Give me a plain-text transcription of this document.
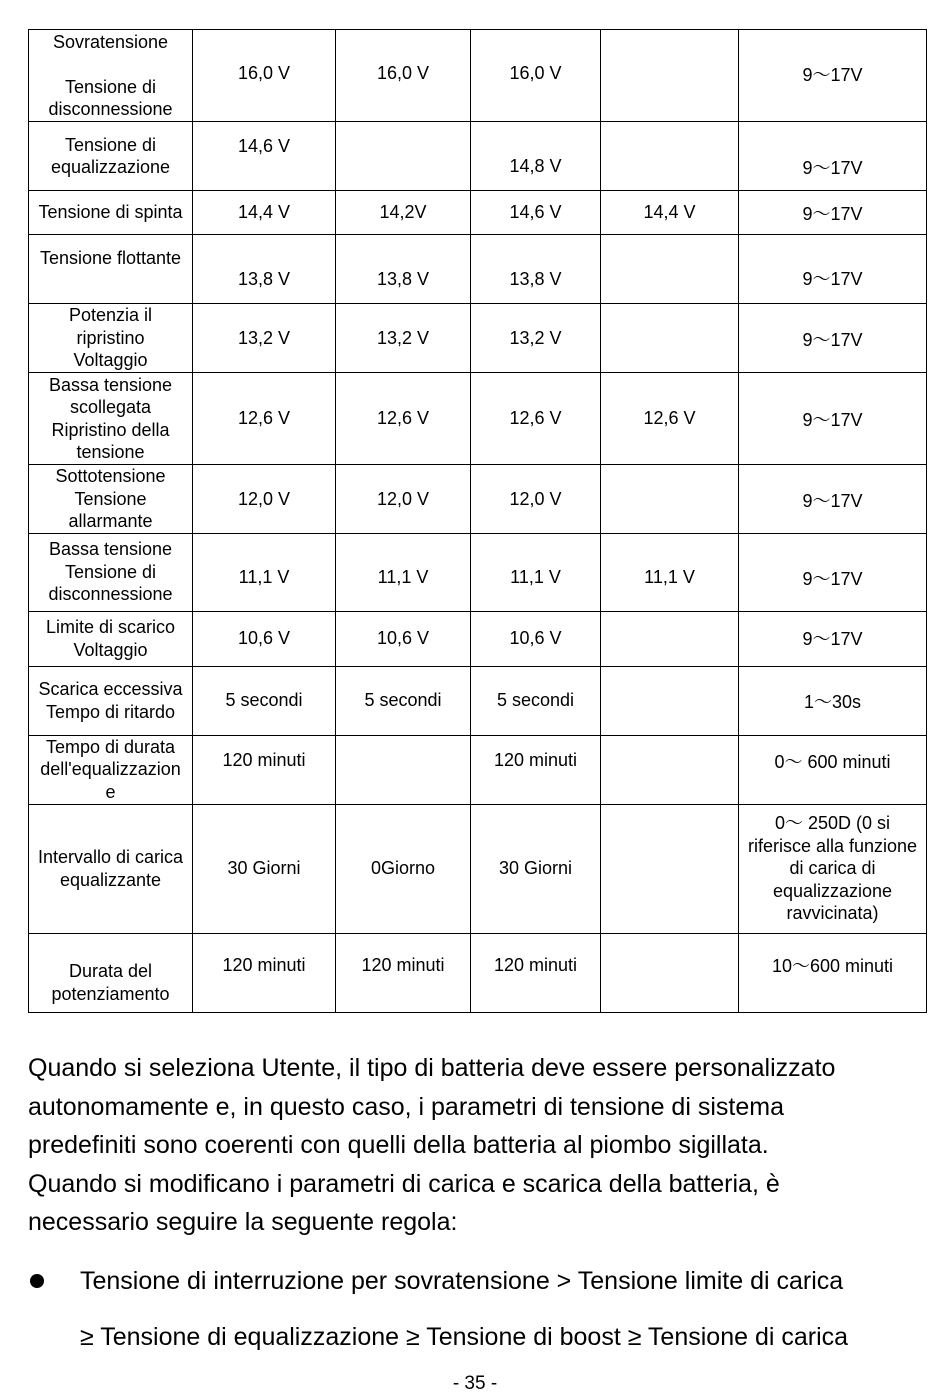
Sovratensione

Tensione di
disconnessione	16,0 V	16,0 V	16,0 V		9～17V

Tensione di
equalizzazione	14,6 V		14,8 V		9～17V

Tensione di spinta	14,4 V	14,2V	14,6 V	14,4 V	9～17V

Tensione flottante	13,8 V	13,8 V	13,8 V		9～17V

Potenzia il
ripristino
Voltaggio	13,2 V	13,2 V	13,2 V		9～17V

Bassa tensione
scollegata
Ripristino della
tensione	12,6 V	12,6 V	12,6 V	12,6 V	9～17V

Sottotensione
Tensione
allarmante	12,0 V	12,0 V	12,0 V		9～17V

Bassa tensione
Tensione di
disconnessione	11,1 V	11,1 V	11,1 V	11,1 V	9～17V

Limite di scarico
Voltaggio	10,6 V	10,6 V	10,6 V		9～17V

Scarica eccessiva
Tempo di ritardo	5 secondi	5 secondi	5 secondi		1～30s

Tempo di durata
dell'equalizzazion
e	120 minuti		120 minuti		0～ 600 minuti

Intervallo di carica
equalizzante	30 Giorni	0Giorno	30 Giorni		0～ 250D (0 si
riferisce alla funzione
di carica di
equalizzazione
ravvicinata)

Durata del
potenziamento	120 minuti	120 minuti	120 minuti		10～600 minuti

Quando si seleziona Utente, il tipo di batteria deve essere personalizzato
autonomamente e, in questo caso, i parametri di tensione di sistema
predefiniti sono coerenti con quelli della batteria al piombo sigillata.
Quando si modificano i parametri di carica e scarica della batteria, è
necessario seguire la seguente regola:

Tensione di interruzione per sovratensione > Tensione limite di carica
≥ Tensione di equalizzazione ≥ Tensione di boost ≥ Tensione di carica
- 35 -
